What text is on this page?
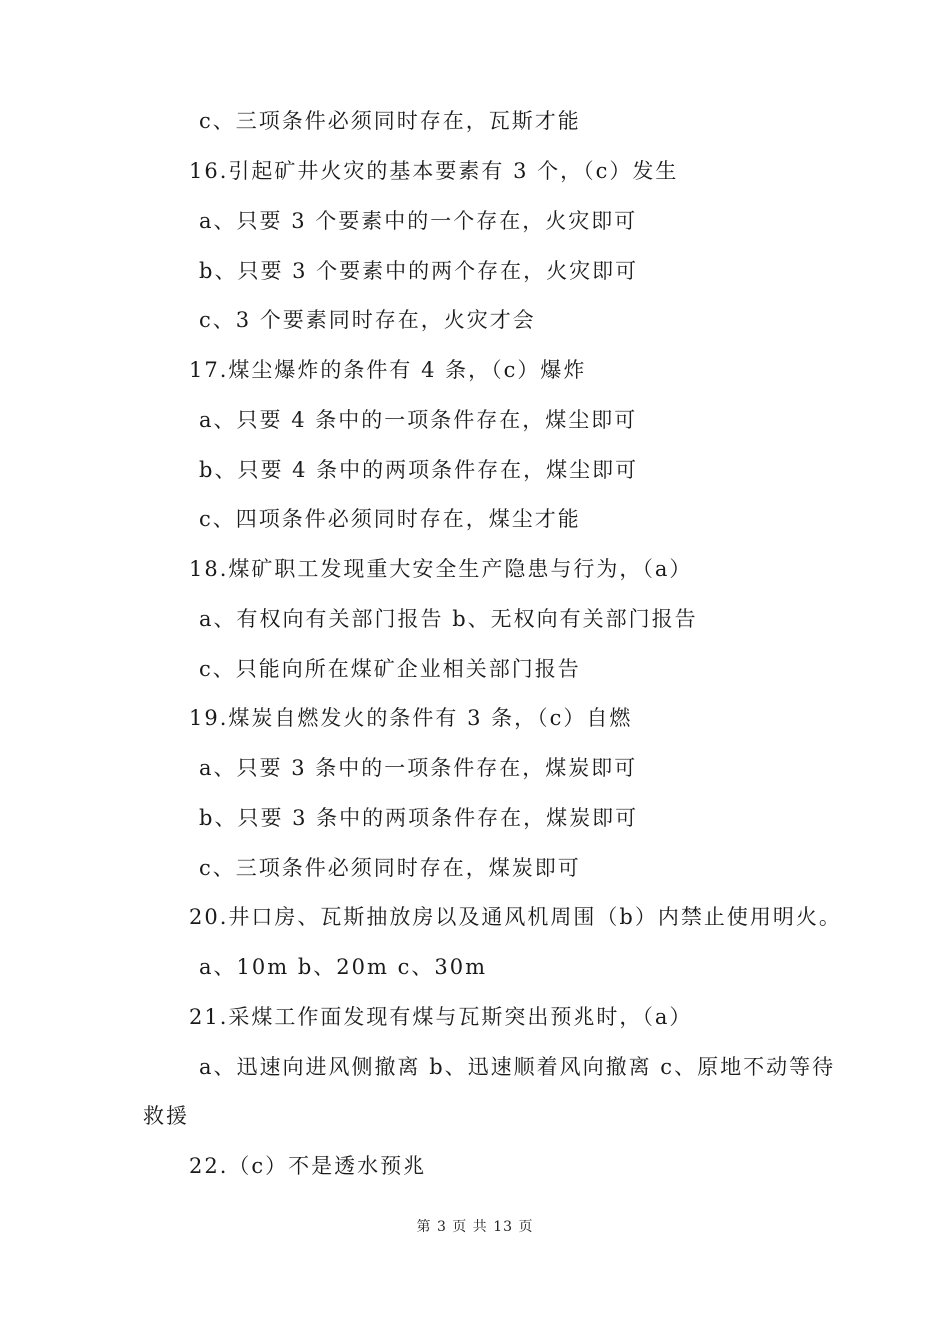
c、三项条件必须同时存在，瓦斯才能
16.引起矿井火灾的基本要素有 3 个，（c）发生
a、只要 3 个要素中的一个存在，火灾即可
b、只要 3 个要素中的两个存在，火灾即可
c、3 个要素同时存在，火灾才会
17.煤尘爆炸的条件有 4 条，（c）爆炸
a、只要 4 条中的一项条件存在，煤尘即可
b、只要 4 条中的两项条件存在，煤尘即可
c、四项条件必须同时存在，煤尘才能
18.煤矿职工发现重大安全生产隐患与行为，（a）
a、有权向有关部门报告 b、无权向有关部门报告
c、只能向所在煤矿企业相关部门报告
19.煤炭自燃发火的条件有 3 条，（c）自燃
a、只要 3 条中的一项条件存在，煤炭即可
b、只要 3 条中的两项条件存在，煤炭即可
c、三项条件必须同时存在，煤炭即可
20.井口房、瓦斯抽放房以及通风机周围（b）内禁止使用明火。
a、10m b、20m c、30m
21.采煤工作面发现有煤与瓦斯突出预兆时，（a）
a、迅速向进风侧撤离 b、迅速顺着风向撤离 c、原地不动等待
救援
22.（c）不是透水预兆
第 3 页 共 13 页
